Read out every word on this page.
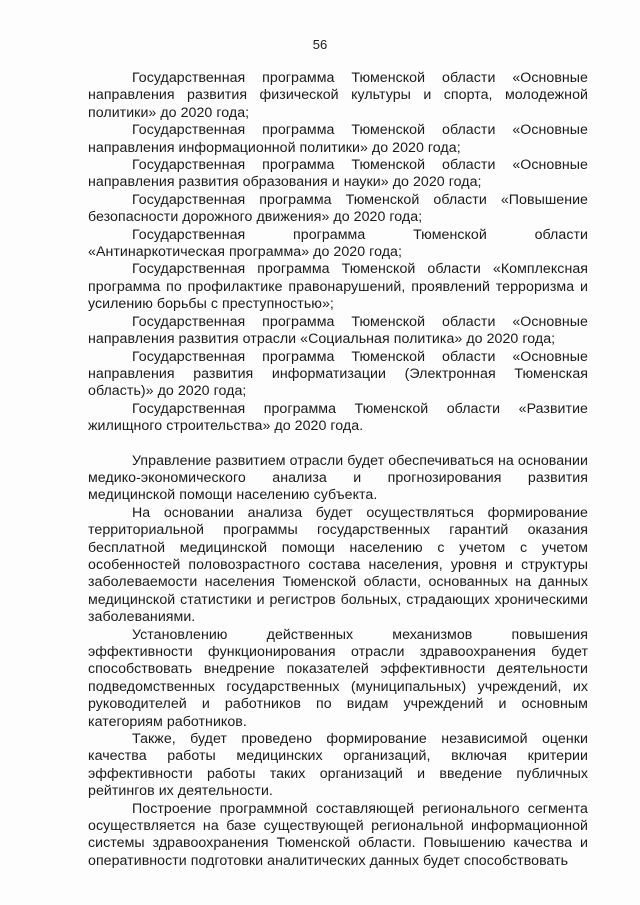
56

Государственная программа Тюменской области «Основные направления развития физической культуры и спорта, молодежной политики» до 2020 года;

Государственная программа Тюменской области «Основные направления информационной политики» до 2020 года;

Государственная программа Тюменской области «Основные направления развития образования и науки» до 2020 года;

Государственная программа Тюменской области «Повышение безопасности дорожного движения» до 2020 года;

Государственная программа Тюменской области «Антинаркотическая программа» до 2020 года;

Государственная программа Тюменской области «Комплексная программа по профилактике правонарушений, проявлений терроризма и усилению борьбы с преступностью»;

Государственная программа Тюменской области «Основные направления развития отрасли «Социальная политика» до 2020 года;

Государственная программа Тюменской области «Основные направления развития информатизации (Электронная Тюменская область)» до 2020 года;

Государственная программа Тюменской области «Развитие жилищного строительства» до 2020 года.

Управление развитием отрасли будет обеспечиваться на основании медико-экономического анализа и прогнозирования развития медицинской помощи населению субъекта.

На основании анализа будет осуществляться формирование территориальной программы государственных гарантий оказания бесплатной медицинской помощи населению с учетом с учетом особенностей половозрастного состава населения, уровня и структуры заболеваемости населения Тюменской области, основанных на данных медицинской статистики и регистров больных, страдающих хроническими заболеваниями.

Установлению действенных механизмов повышения эффективности функционирования отрасли здравоохранения будет способствовать внедрение показателей эффективности деятельности подведомственных государственных (муниципальных) учреждений, их руководителей и работников по видам учреждений и основным категориям работников.

Также, будет проведено формирование независимой оценки качества работы медицинских организаций, включая критерии эффективности работы таких организаций и введение публичных рейтингов их деятельности.

Построение программной составляющей регионального сегмента осуществляется на базе существующей региональной информационной системы здравоохранения Тюменской области. Повышению качества и оперативности подготовки аналитических данных будет способствовать
